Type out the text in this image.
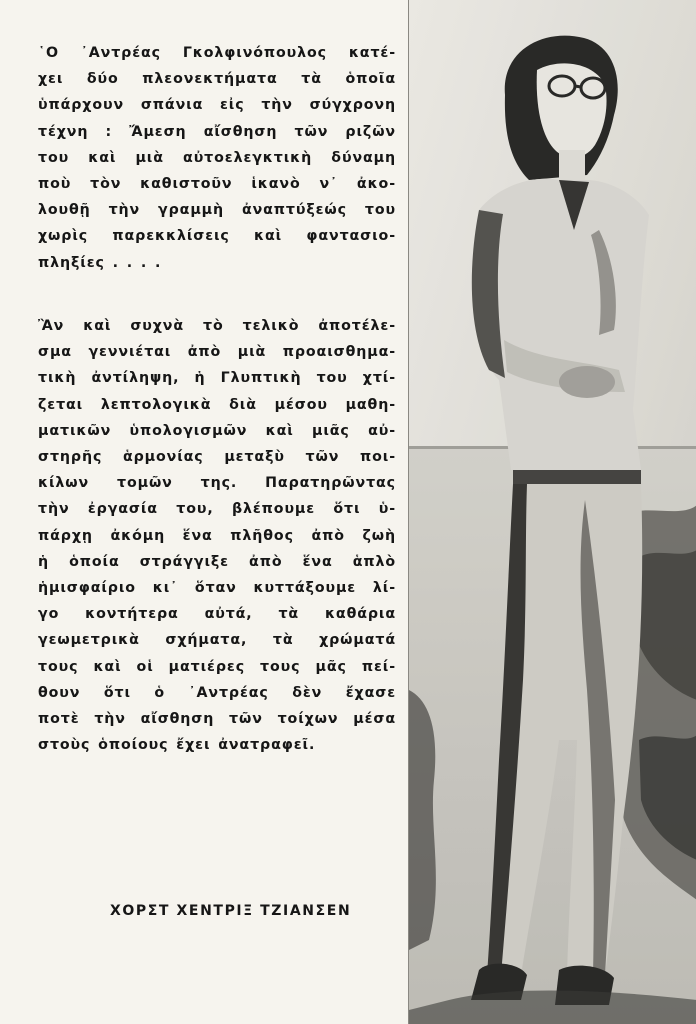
῾Ο ᾿Αντρέας Γκολφινόπουλος κατέ-
χει δύο πλεονεκτήματα τὰ ὁποῖα
ὑπάρχουν σπάνια εἰς τὴν σύγχρονη
τέχνη : Ἄμεση αἴσθηση τῶν ριζῶν
του καὶ μιὰ αὐτοελεγκτικὴ δύναμη
ποὺ τὸν καθιστοῦν ἱκανὸ ν᾿ ἀκο-
λουθῇ τὴν γραμμὴ ἀναπτύξεώς του
χωρὶς παρεκκλίσεις καὶ φαντασιο-
πληξίες . . . .
Ἂν καὶ συχνὰ τὸ τελικὸ ἀποτέλε-
σμα γεννιέται ἀπὸ μιὰ προαισθημα-
τικὴ ἀντίληψη, ἡ Γλυπτικὴ του χτί-
ζεται λεπτολογικὰ διὰ μέσου μαθη-
ματικῶν ὑπολογισμῶν καὶ μιᾶς αὐ-
στηρῆς ἁρμονίας μεταξὺ τῶν ποι-
κίλων τομῶν της. Παρατηρῶντας
τὴν ἐργασία του, βλέπουμε ὅτι ὑ-
πάρχῃ ἀκόμη ἕνα πλῆθος ἀπὸ ζωὴ
ἡ ὁποία στράγγιξε ἀπὸ ἕνα ἁπλὸ
ἡμισφαίριο κι᾿ ὅταν κυττάξουμε λί-
γο κοντήτερα αὐτά, τὰ καθάρια
γεωμετρικὰ σχήματα, τὰ χρώματά
τους καὶ οἱ ματιέρες τους μᾶς πεί-
θουν ὅτι ὁ ᾿Αντρέας δὲν ἔχασε
ποτὲ τὴν αἴσθηση τῶν τοίχων μέσα
στοὺς ὁποίους ἔχει ἀνατραφεῖ.

ΧΟΡΣΤ ΧΕΝΤΡΙΞ ΤΖΙΑΝΣΕΝ
